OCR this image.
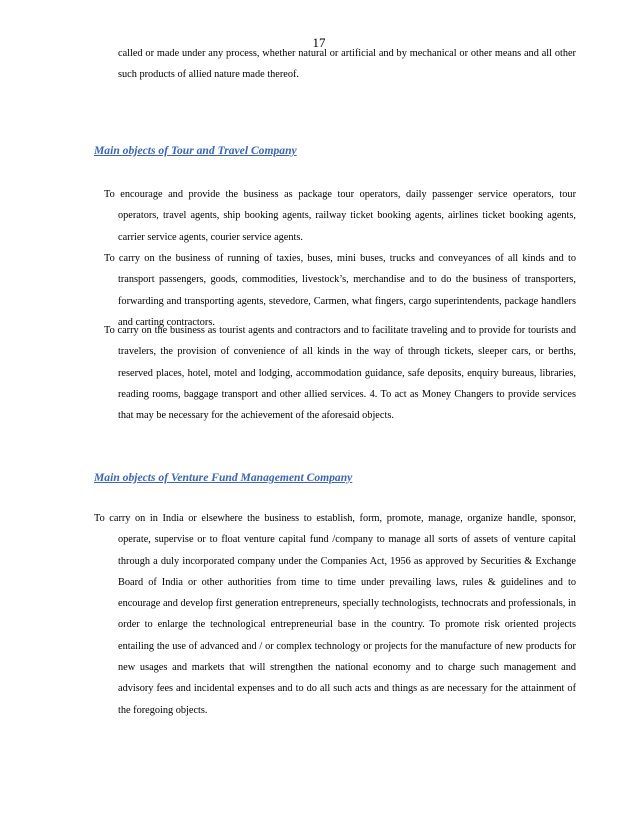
17
called or made under any process, whether natural or artificial and by mechanical or other means and all other such products of allied nature made thereof.
Main objects of Tour and Travel Company
To encourage and provide the business as package tour operators, daily passenger service operators, tour operators, travel agents, ship booking agents, railway ticket booking agents, airlines ticket booking agents, carrier service agents, courier service agents.
To carry on the business of running of taxies, buses, mini buses, trucks and conveyances of all kinds and to transport passengers, goods, commodities, livestock’s, merchandise and to do the business of transporters, forwarding and transporting agents, stevedore, Carmen, what fingers, cargo superintendents, package handlers and carting contractors.
To carry on the business as tourist agents and contractors and to facilitate traveling and to provide for tourists and travelers, the provision of convenience of all kinds in the way of through tickets, sleeper cars, or berths, reserved places, hotel, motel and lodging, accommodation guidance, safe deposits, enquiry bureaus, libraries, reading rooms, baggage transport and other allied services. 4. To act as Money Changers to provide services that may be necessary for the achievement of the aforesaid objects.
Main objects of Venture Fund Management Company
To carry on in India or elsewhere the business to establish, form, promote, manage, organize handle, sponsor, operate, supervise or to float venture capital fund /company to manage all sorts of assets of venture capital through a duly incorporated company under the Companies Act, 1956 as approved by Securities & Exchange Board of India or other authorities from time to time under prevailing laws, rules & guidelines and to encourage and develop first generation entrepreneurs, specially technologists, technocrats and professionals, in order to enlarge the technological entrepreneurial base in the country. To promote risk oriented projects entailing the use of advanced and / or complex technology or projects for the manufacture of new products for new usages and markets that will strengthen the national economy and to charge such management and advisory fees and incidental expenses and to do all such acts and things as are necessary for the attainment of the foregoing objects.
